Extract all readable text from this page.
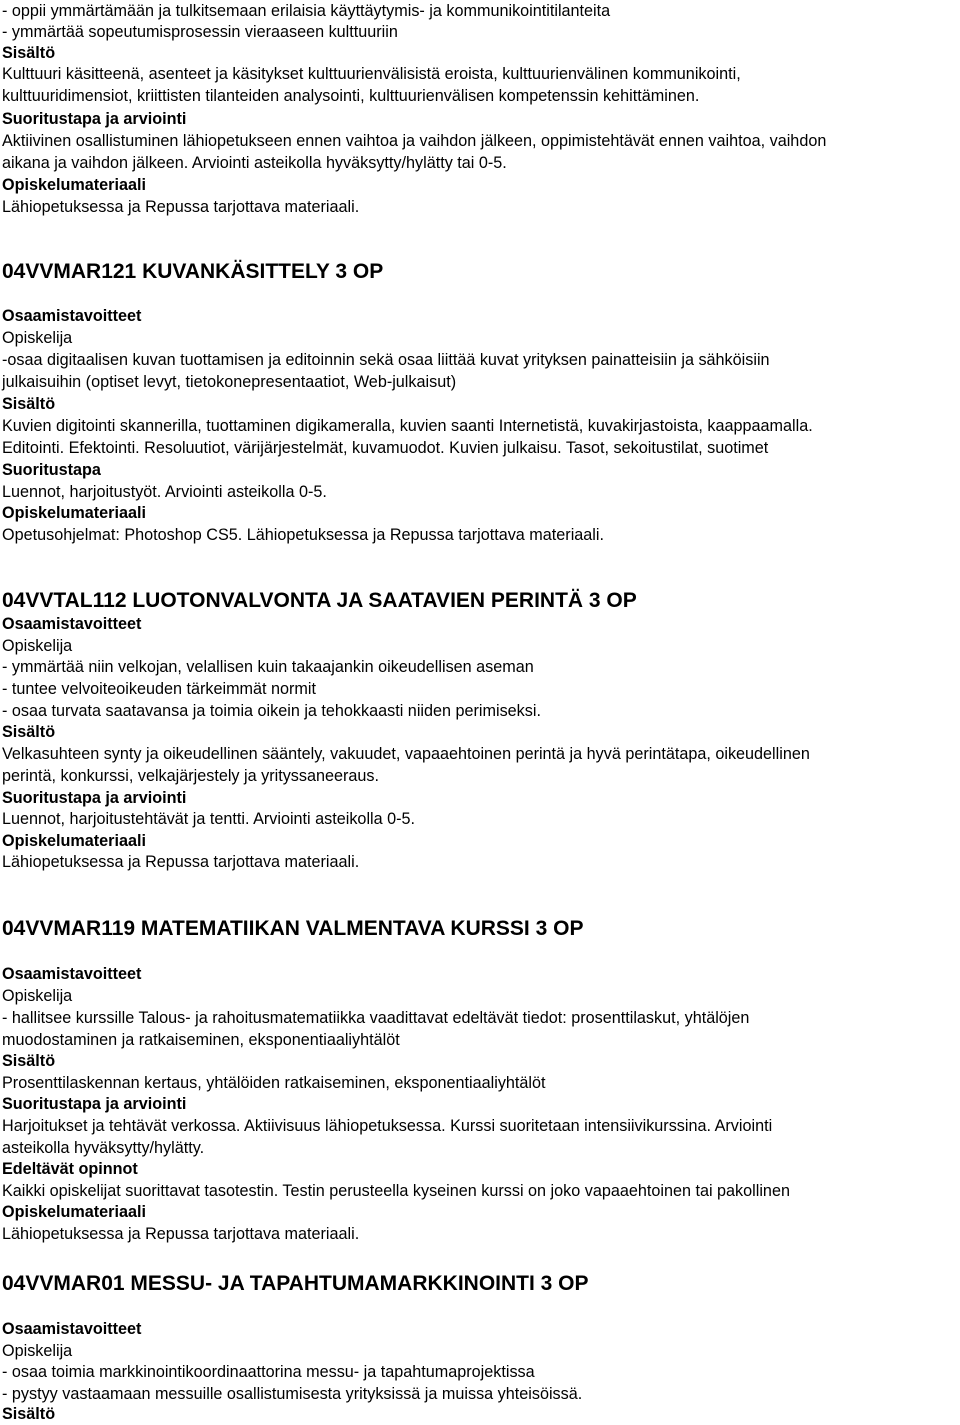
- oppii ymmärtämään ja tulkitsemaan erilaisia käyttäytymis- ja kommunikointitilanteita
- ymmärtää sopeutumisprosessin vieraaseen kulttuuriin
Sisältö
Kulttuuri käsitteenä, asenteet ja käsitykset kulttuurienvälisistä eroista, kulttuurienvälinen kommunikointi,
kulttuuridimensiot, kriittisten tilanteiden analysointi, kulttuurienvälisen kompetenssin kehittäminen.
Suoritustapa ja arviointi
Aktiivinen osallistuminen lähiopetukseen ennen vaihtoa ja vaihdon jälkeen, oppimistehtävät ennen vaihtoa, vaihdon
aikana ja vaihdon jälkeen. Arviointi asteikolla hyväksytty/hylätty tai 0-5.
Opiskelumateriaali
Lähiopetuksessa ja Repussa tarjottava materiaali.
04VVMAR121 KUVANKÄSITTELY 3 OP
Osaamistavoitteet
Opiskelija
-osaa digitaalisen kuvan tuottamisen ja editoinnin sekä osaa liittää kuvat yrityksen painatteisiin ja sähköisiin
julkaisuihin (optiset levyt, tietokonepresentaatiot, Web-julkaisut)
Sisältö
Kuvien digitointi skannerilla, tuottaminen digikameralla, kuvien saanti Internetistä, kuvakirjastoista, kaappaamalla.
Editointi. Efektointi. Resoluutiot, värijärjestelmät, kuvamuodot. Kuvien julkaisu. Tasot, sekoitustilat, suotimet
Suoritustapa
Luennot, harjoitustyöt. Arviointi asteikolla 0-5.
Opiskelumateriaali
Opetusohjelmat: Photoshop CS5. Lähiopetuksessa ja Repussa tarjottava materiaali.
04VVTAL112 LUOTONVALVONTA JA SAATAVIEN PERINTÄ 3 OP
Osaamistavoitteet
Opiskelija
- ymmärtää niin velkojan, velallisen kuin takaajankin oikeudellisen aseman
- tuntee velvoiteoikeuden tärkeimmät normit
- osaa turvata saatavansa ja toimia oikein ja tehokkaasti niiden perimiseksi.
Sisältö
Velkasuhteen synty ja oikeudellinen sääntely, vakuudet, vapaaehtoinen perintä ja hyvä perintätapa, oikeudellinen
perintä, konkurssi, velkajärjestely ja yrityssaneeraus.
Suoritustapa ja arviointi
Luennot, harjoitustehtävät ja tentti. Arviointi asteikolla 0-5.
Opiskelumateriaali
Lähiopetuksessa ja Repussa tarjottava materiaali.
04VVMAR119 MATEMATIIKAN VALMENTAVA KURSSI 3 OP
Osaamistavoitteet
Opiskelija
- hallitsee kurssille Talous- ja rahoitusmatematiikka vaadittavat edeltävät tiedot: prosenttilaskut, yhtälöjen
muodostaminen ja ratkaiseminen, eksponentiaaliyhtälöt
Sisältö
Prosenttilaskennan kertaus, yhtälöiden ratkaiseminen, eksponentiaaliyhtälöt
Suoritustapa ja arviointi
Harjoitukset ja tehtävät verkossa. Aktiivisuus lähiopetuksessa. Kurssi suoritetaan intensiivikurssina. Arviointi
asteikolla hyväksytty/hylätty.
Edeltävät opinnot
Kaikki opiskelijat suorittavat tasotestin. Testin perusteella kyseinen kurssi on joko vapaaehtoinen tai pakollinen
Opiskelumateriaali
Lähiopetuksessa ja Repussa tarjottava materiaali.
04VVMAR01 MESSU- JA TAPAHTUMAMARKKINOINTI 3 OP
Osaamistavoitteet
Opiskelija
- osaa toimia markkinointikoordinaattorina messu- ja tapahtumaprojektissa
- pystyy vastaamaan messuille osallistumisesta yrityksissä ja muissa yhteisöissä.
Sisältö
